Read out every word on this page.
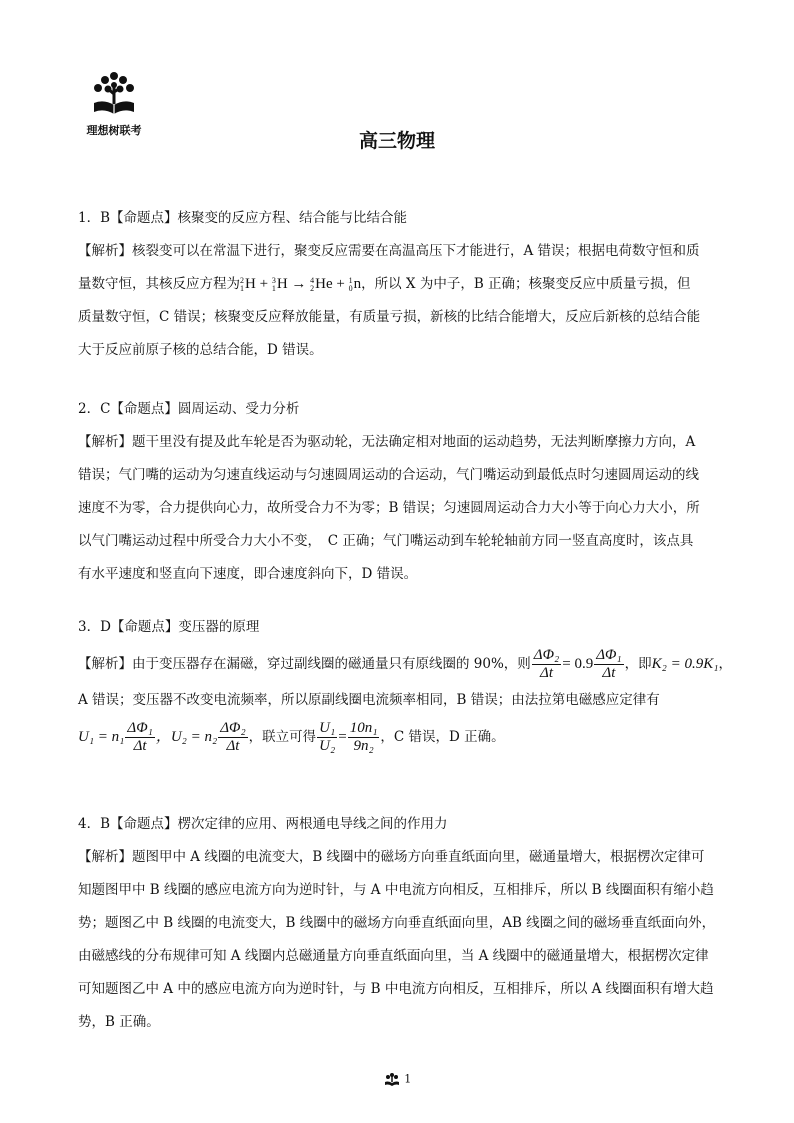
理想树联考	高三物理
1．B【命题点】核聚变的反应方程、结合能与比结合能
【解析】核裂变可以在常温下进行，聚变反应需要在高温高压下才能进行，A 错误；根据电荷数守恒和质
量数守恒，其核反应方程为 2
1 H + 3
1 H → 4
2 He + 1
0 n，所以 X 为中子，B 正确；核聚变反应中质量亏损，但
质量数守恒，C 错误；核聚变反应释放能量，有质量亏损，新核的比结合能增大，反应后新核的总结合能
大于反应前原子核的总结合能，D 错误。
2．C【命题点】圆周运动、受力分析
【解析】题干里没有提及此车轮是否为驱动轮，无法确定相对地面的运动趋势，无法判断摩擦力方向，A
错误；气门嘴的运动为匀速直线运动与匀速圆周运动的合运动，气门嘴运动到最低点时匀速圆周运动的线
速度不为零，合力提供向心力，故所受合力不为零；B 错误；匀速圆周运动合力大小等于向心力大小，所
以气门嘴运动过程中所受合力大小不变，　C 正确；气门嘴运动到车轮轮轴前方同一竖直高度时，该点具
有水平速度和竖直向下速度，即合速度斜向下，D 错误。
3．D【命题点】变压器的原理
【解析】由于变压器存在漏磁，穿过副线圈的磁通量只有原线圈的 90%，则 $\frac{\text{ΔΦ₂}}{\Delta t} = 0.9 \frac{\text{ΔΦ₁}}{\Delta t}$ ，即K₂ = 0.9K₁，
A 错误；变压器不改变电流频率，所以原副线圈电流频率相同，B 错误；由法拉第电磁感应定律有
$U_1 = n_1 \frac{\text{ΔΦ₁}}{\Delta t}$ ，$U_2 = n_2 \frac{\text{ΔΦ₂}}{\Delta t}$ ，联立可得 $\frac{\text{U₁}}{\text{U₂}} = \frac{\text{10n₁}}{\text{9n₂}}$ ，C 错误，D 正确。
4．B【命题点】楞次定律的应用、两根通电导线之间的作用力
【解析】题图甲中 A 线圈的电流变大，B 线圈中的磁场方向垂直纸面向里，磁通量增大，根据楞次定律可
知题图甲中 B 线圈的感应电流方向为逆时针，与 A 中电流方向相反，互相排斥，所以 B 线圈面积有缩小趋
势；题图乙中 B 线圈的电流变大，B 线圈中的磁场方向垂直纸面向里，AB 线圈之间的磁场垂直纸面向外，
由磁感线的分布规律可知 A 线圈内总磁通量方向垂直纸面向里，当 A 线圈中的磁通量增大，根据楞次定律
可知题图乙中 A 中的感应电流方向为逆时针，与 B 中电流方向相反，互相排斥，所以 A 线圈面积有增大趋
势，B 正确。
1
